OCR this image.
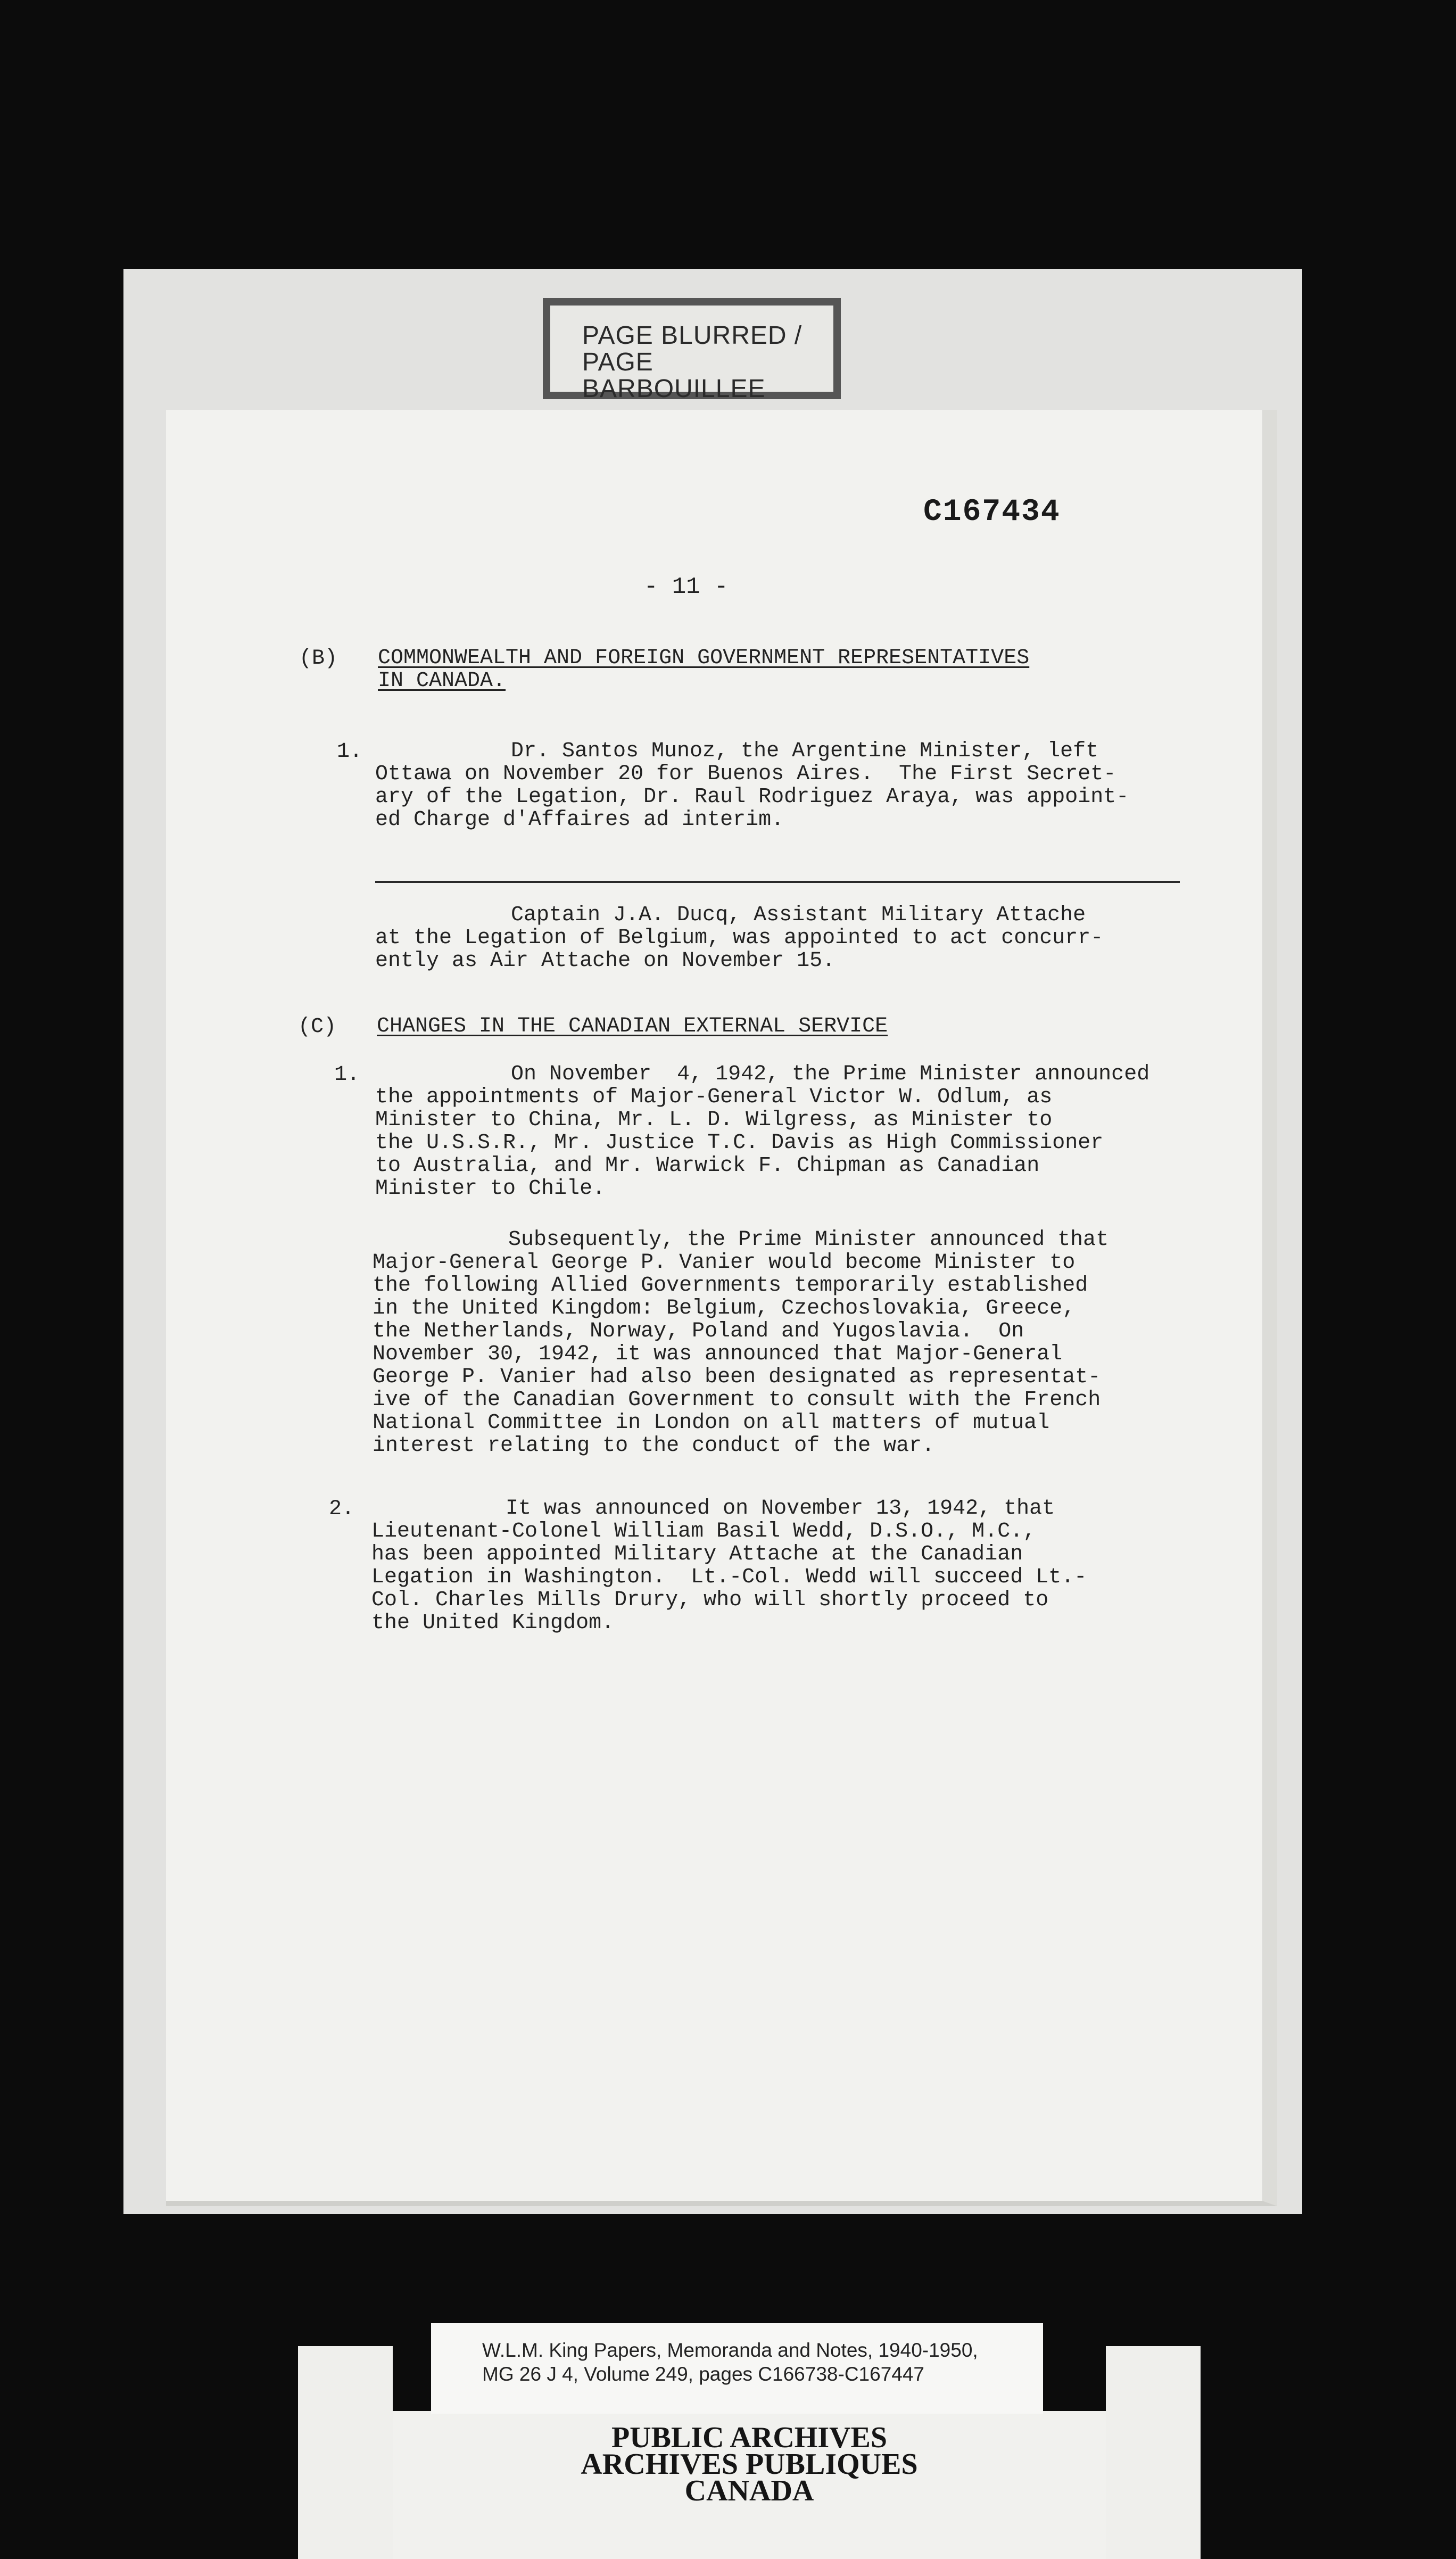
PAGE BLURRED /
PAGE BARBOUILLEE
C167434
- 11 -
(B) COMMONWEALTH AND FOREIGN GOVERNMENT REPRESENTATIVES
IN CANADA.
1.	Dr. Santos Munoz, the Argentine Minister, left
Ottawa on November 20 for Buenos Aires.  The First Secret-
ary of the Legation, Dr. Raul Rodriguez Araya, was appoint-
ed Charge d'Affaires ad interim.
Captain J.A. Ducq, Assistant Military Attache
at the Legation of Belgium, was appointed to act concurr-
ently as Air Attache on November 15.
(C) CHANGES IN THE CANADIAN EXTERNAL SERVICE
1.	On November  4, 1942, the Prime Minister announced
the appointments of Major-General Victor W. Odlum, as
Minister to China, Mr. L. D. Wilgress, as Minister to
the U.S.S.R., Mr. Justice T.C. Davis as High Commissioner
to Australia, and Mr. Warwick F. Chipman as Canadian
Minister to Chile.
Subsequently, the Prime Minister announced that
Major-General George P. Vanier would become Minister to
the following Allied Governments temporarily established
in the United Kingdom: Belgium, Czechoslovakia, Greece,
the Netherlands, Norway, Poland and Yugoslavia.  On
November 30, 1942, it was announced that Major-General
George P. Vanier had also been designated as representat-
ive of the Canadian Government to consult with the French
National Committee in London on all matters of mutual
interest relating to the conduct of the war.
2.	It was announced on November 13, 1942, that
Lieutenant-Colonel William Basil Wedd, D.S.O., M.C.,
has been appointed Military Attache at the Canadian
Legation in Washington.  Lt.-Col. Wedd will succeed Lt.-
Col. Charles Mills Drury, who will shortly proceed to
the United Kingdom.
W.L.M. King Papers, Memoranda and Notes, 1940-1950,
MG 26 J 4, Volume 249, pages C166738-C167447
PUBLIC ARCHIVES
ARCHIVES PUBLIQUES
CANADA
